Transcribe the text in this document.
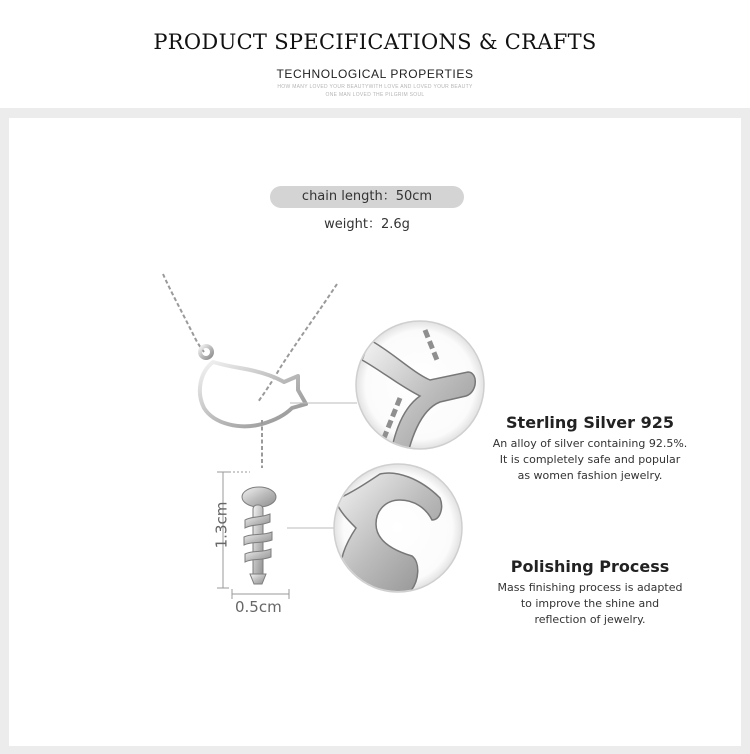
PRODUCT SPECIFICATIONS & CRAFTS
TECHNOLOGICAL PROPERTIES
HOW MANY LOVED YOUR BEAUTYWITH LOVE AND LOVED YOUR BEAUTY
ONE MAN LOVED THE PILGRIM SOUL
chain length：50cm
weight：2.6g
1.3cm
0.5cm
Sterling Silver 925
An alloy of silver containing 92.5%.
It is completely safe and popular
as women fashion jewelry.
Polishing Process
Mass finishing process is adapted
to improve the shine and
reflection of jewelry.
